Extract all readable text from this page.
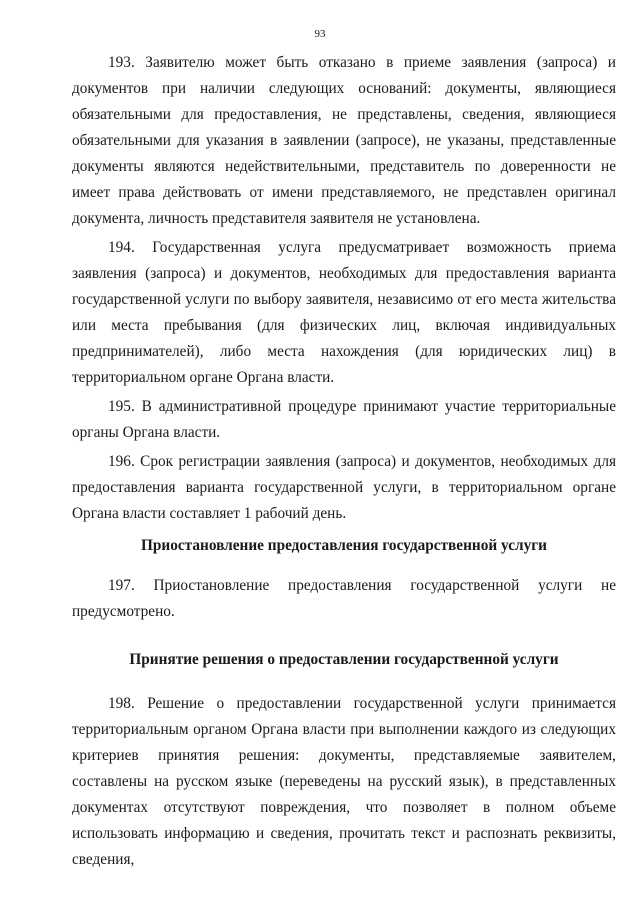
93

193. Заявителю может быть отказано в приеме заявления (запроса) и документов при наличии следующих оснований: документы, являющиеся обязательными для предоставления, не представлены, сведения, являющиеся обязательными для указания в заявлении (запросе), не указаны, представленные документы являются недействительными, представитель по доверенности не имеет права действовать от имени представляемого, не представлен оригинал документа, личность представителя заявителя не установлена.

194. Государственная услуга предусматривает возможность приема заявления (запроса) и документов, необходимых для предоставления варианта государственной услуги по выбору заявителя, независимо от его места жительства или места пребывания (для физических лиц, включая индивидуальных предпринимателей), либо места нахождения (для юридических лиц) в территориальном органе Органа власти.

195. В административной процедуре принимают участие территориальные органы Органа власти.

196. Срок регистрации заявления (запроса) и документов, необходимых для предоставления варианта государственной услуги, в территориальном органе Органа власти составляет 1 рабочий день.

Приостановление предоставления государственной услуги

197. Приостановление предоставления государственной услуги не предусмотрено.

Принятие решения о предоставлении государственной услуги

198. Решение о предоставлении государственной услуги принимается территориальным органом Органа власти при выполнении каждого из следующих критериев принятия решения: документы, представляемые заявителем, составлены на русском языке (переведены на русский язык), в представленных документах отсутствуют повреждения, что позволяет в полном объеме использовать информацию и сведения, прочитать текст и распознать реквизиты, сведения,
